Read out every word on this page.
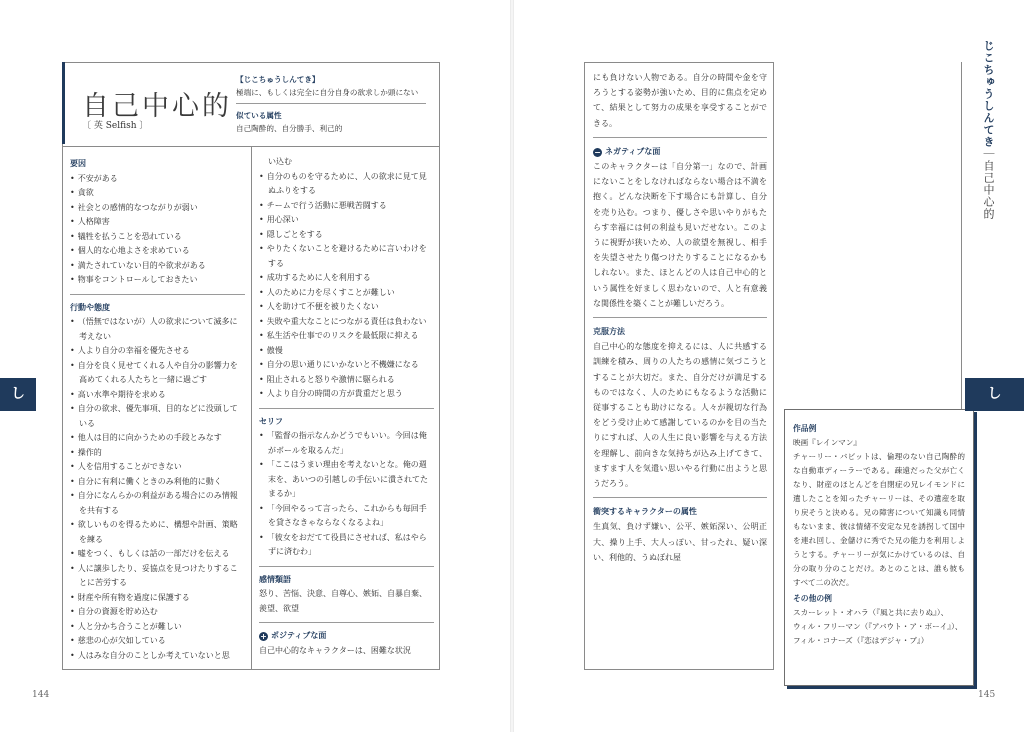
自己中心的
〔 英 Selfish 〕
【じこちゅうしんてき】
極端に、もしくは完全に自分自身の欲求しか頭にない
似ている属性
自己陶酔的、自分勝手、利己的
要因
• 不安がある
• 貪欲
• 社会との感情的なつながりが弱い
• 人格障害
• 犠牲を払うことを恐れている
• 個人的な心地よさを求めている
• 満たされていない目的や欲求がある
• 物事をコントロールしておきたい
行動や態度
• （悟無ではないが）人の欲求について滅多に考えない
• 人より自分の幸福を優先させる
• 自分を良く見せてくれる人や自分の影響力を高めてくれる人たちと一緒に過ごす
• 高い水準や期待を求める
• 自分の欲求、優先事項、目的などに没頭している
• 他人は目的に向かうための手段とみなす
• 操作的
• 人を信用することができない
• 自分に有利に働くときのみ利他的に動く
• 自分になんらかの利益がある場合にのみ情報を共有する
• 欲しいものを得るために、構想や計画、策略を練る
• 嘘をつく、もしくは話の一部だけを伝える
• 人に譲歩したり、妥協点を見つけたりすることに苦労する
• 財産や所有物を過度に保護する
• 自分の資源を貯め込む
• 人と分かち合うことが難しい
• 慈悲の心が欠如している
• 人はみな自分のことしか考えていないと思
い込む
• 自分のものを守るために、人の欲求に見て見ぬふりをする
• チームで行う活動に悪戦苦闘する
• 用心深い
• 隠しごとをする
• やりたくないことを避けるために言いわけをする
• 成功するために人を利用する
• 人のために力を尽くすことが難しい
• 人を助けて不便を被りたくない
• 失敗や重大なことにつながる責任は負わない
• 私生活や仕事でのリスクを最低限に抑える
• 傲慢
• 自分の思い通りにいかないと不機嫌になる
• 阻止されると怒りや激情に駆られる
• 人より自分の時間の方が貴重だと思う
セリフ
• 「監督の指示なんかどうでもいい。今回は俺がボールを取るんだ」
• 「ここはうまい理由を考えないとな。俺の週末を、あいつの引越しの手伝いに潰されてたまるか」
• 「今回やるって言ったら、これからも毎回手を貸さなきゃならなくなるよね」
• 「彼女をおだてて役員にさせれば、私はやらずに済むわ」
感情類語
怒り、苦悩、決意、自尊心、嫉妬、自暴自棄、羨望、欲望
+ ポジティブな面
自己中心的なキャラクターは、困難な状況
し
144
にも負けない人物である。自分の時間や金を守ろうとする姿勢が強いため、目的に焦点を定めて、結果として努力の成果を享受することができる。
− ネガティブな面
このキャラクターは「自分第一」なので、計画にないことをしなければならない場合は不満を抱く。どんな決断を下す場合にも計算し、自分を売り込む。つまり、優しさや思いやりがもたらす幸福には何の利益も見いだせない。このように視野が狭いため、人の欲望を無視し、相手を失望させたり傷つけたりすることになるかもしれない。また、ほとんどの人は自己中心的という属性を好ましく思わないので、人と有意義な関係性を築くことが難しいだろう。
克服方法
自己中心的な態度を抑えるには、人に共感する訓練を積み、周りの人たちの感情に気づこうとすることが大切だ。また、自分だけが満足するものではなく、人のためにもなるような活動に従事することも助けになる。人々が親切な行為をどう受け止めて感謝しているのかを目の当たりにすれば、人の人生に良い影響を与える方法を理解し、前向きな気持ちが込み上げてきて、ますます人を気遣い思いやる行動に出ようと思うだろう。
衝突するキャラクターの属性
生真気、負けず嫌い、公平、嫉妬深い、公明正大、操り上手、大人っぽい、甘ったれ、疑い深い、利他的、うぬぼれ屋
作品例
映画『レインマン』
チャーリー・バビットは、倫理のない自己陶酔的な自動車ディーラーである。疎遠だった父が亡くなり、財産のほとんどを自閉症の兄レイモンドに遺したことを知ったチャーリーは、その遺産を取り戻そうと決める。兄の障害について知識も同情もないまま、彼は情緒不安定な兄を誘拐して国中を連れ回し、金儲けに秀でた兄の能力を利用しようとする。チャーリーが気にかけているのは、自分の取り分のことだけ。あとのことは、誰も彼もすべて二の次だ。
その他の例
スカーレット・オハラ（『風と共に去りぬ』）、
ウィル・フリーマン（『アバウト・ア・ボーイ』）、フィル・コナーズ（『恋はデジャ・ブ』）
じこちゅうしんてき｜自己中心的
し
145
